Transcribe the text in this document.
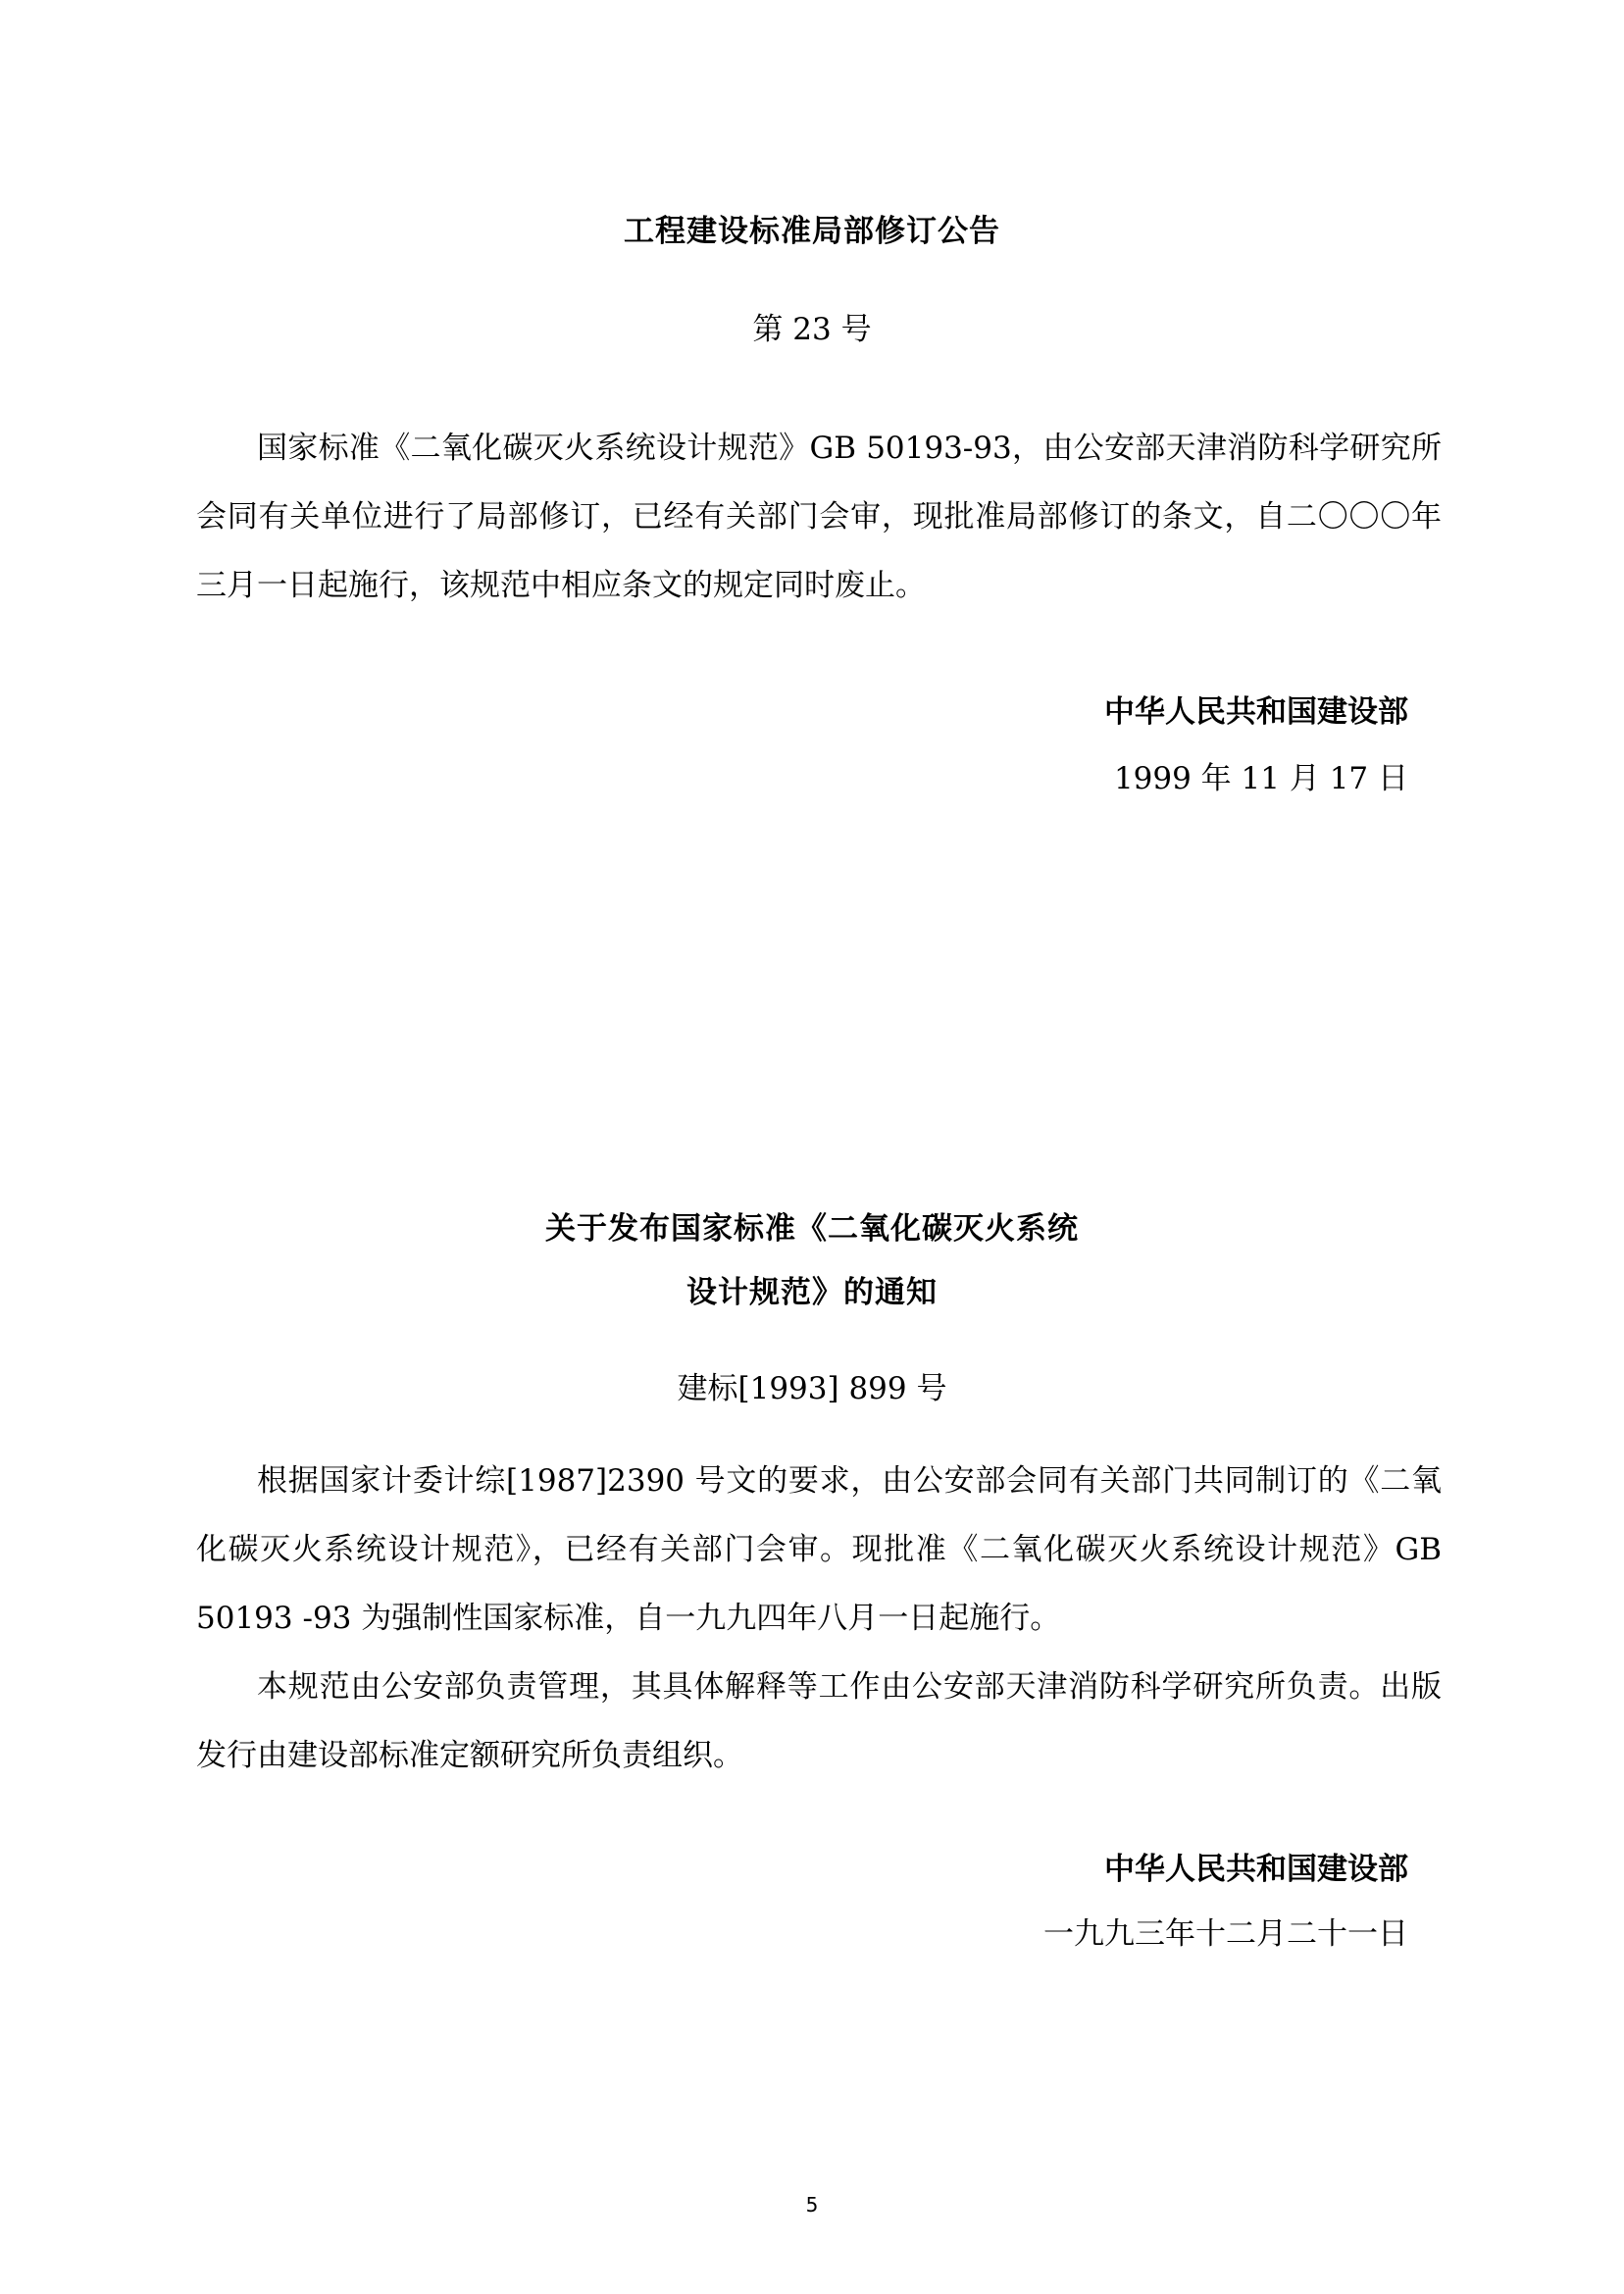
工程建设标准局部修订公告
第 23 号

国家标准《二氧化碳灭火系统设计规范》GB 50193-93，由公安部天津消防科学研究所会同有关单位进行了局部修订，已经有关部门会审，现批准局部修订的条文，自二〇〇〇年三月一日起施行，该规范中相应条文的规定同时废止。

中华人民共和国建设部
1999 年 11 月 17 日
关于发布国家标准《二氧化碳灭火系统
设计规范》的通知
建标[1993] 899 号

根据国家计委计综[1987]2390 号文的要求，由公安部会同有关部门共同制订的《二氧化碳灭火系统设计规范》，已经有关部门会审。现批准《二氧化碳灭火系统设计规范》GB 50193 -93 为强制性国家标准，自一九九四年八月一日起施行。

本规范由公安部负责管理，其具体解释等工作由公安部天津消防科学研究所负责。出版发行由建设部标准定额研究所负责组织。

中华人民共和国建设部
一九九三年十二月二十一日
5
